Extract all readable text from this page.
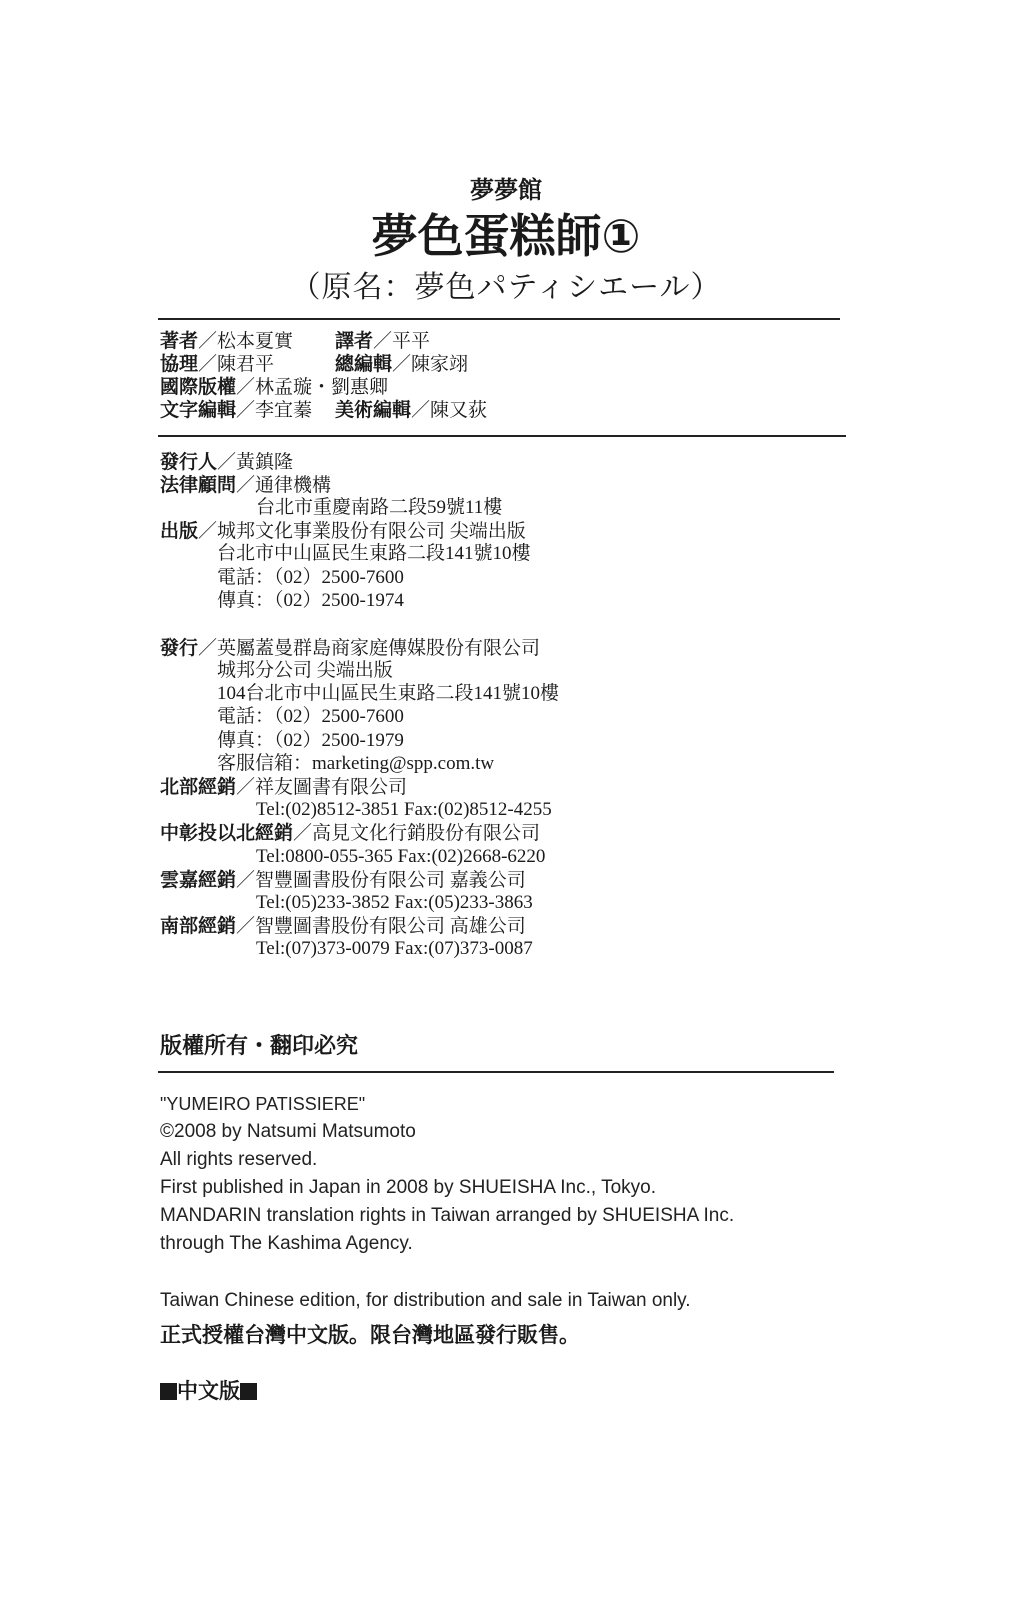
夢夢館
夢色蛋糕師①
（原名：夢色パティシエール）
著者／松本夏實 譯者／平平
協理／陳君平	總編輯／陳家翊
國際版權／林孟璇・劉惠卿
文字編輯／李宜蓁 美術編輯／陳又荻
發行人／黃鎮隆
法律顧問／通律機構
台北市重慶南路二段59號11樓
出版／城邦文化事業股份有限公司 尖端出版
台北市中山區民生東路二段141號10樓
電話：（02）2500-7600
傳真：（02）2500-1974
發行／英屬蓋曼群島商家庭傳媒股份有限公司
城邦分公司 尖端出版
104台北市中山區民生東路二段141號10樓
電話：（02）2500-7600
傳真：（02）2500-1979
客服信箱：marketing@spp.com.tw
北部經銷／祥友圖書有限公司
Tel:(02)8512-3851 Fax:(02)8512-4255
中彰投以北經銷／高見文化行銷股份有限公司
Tel:0800-055-365 Fax:(02)2668-6220
雲嘉經銷／智豐圖書股份有限公司 嘉義公司
Tel:(05)233-3852 Fax:(05)233-3863
南部經銷／智豐圖書股份有限公司 高雄公司
Tel:(07)373-0079 Fax:(07)373-0087
版權所有・翻印必究
"YUMEIRO PATISSIERE"
©2008 by Natsumi Matsumoto
All rights reserved.
First published in Japan in 2008 by SHUEISHA Inc., Tokyo.
MANDARIN translation rights in Taiwan arranged by SHUEISHA Inc.
through The Kashima Agency.
Taiwan Chinese edition, for distribution and sale in Taiwan only.
正式授權台灣中文版。限台灣地區發行販售。
中文版
